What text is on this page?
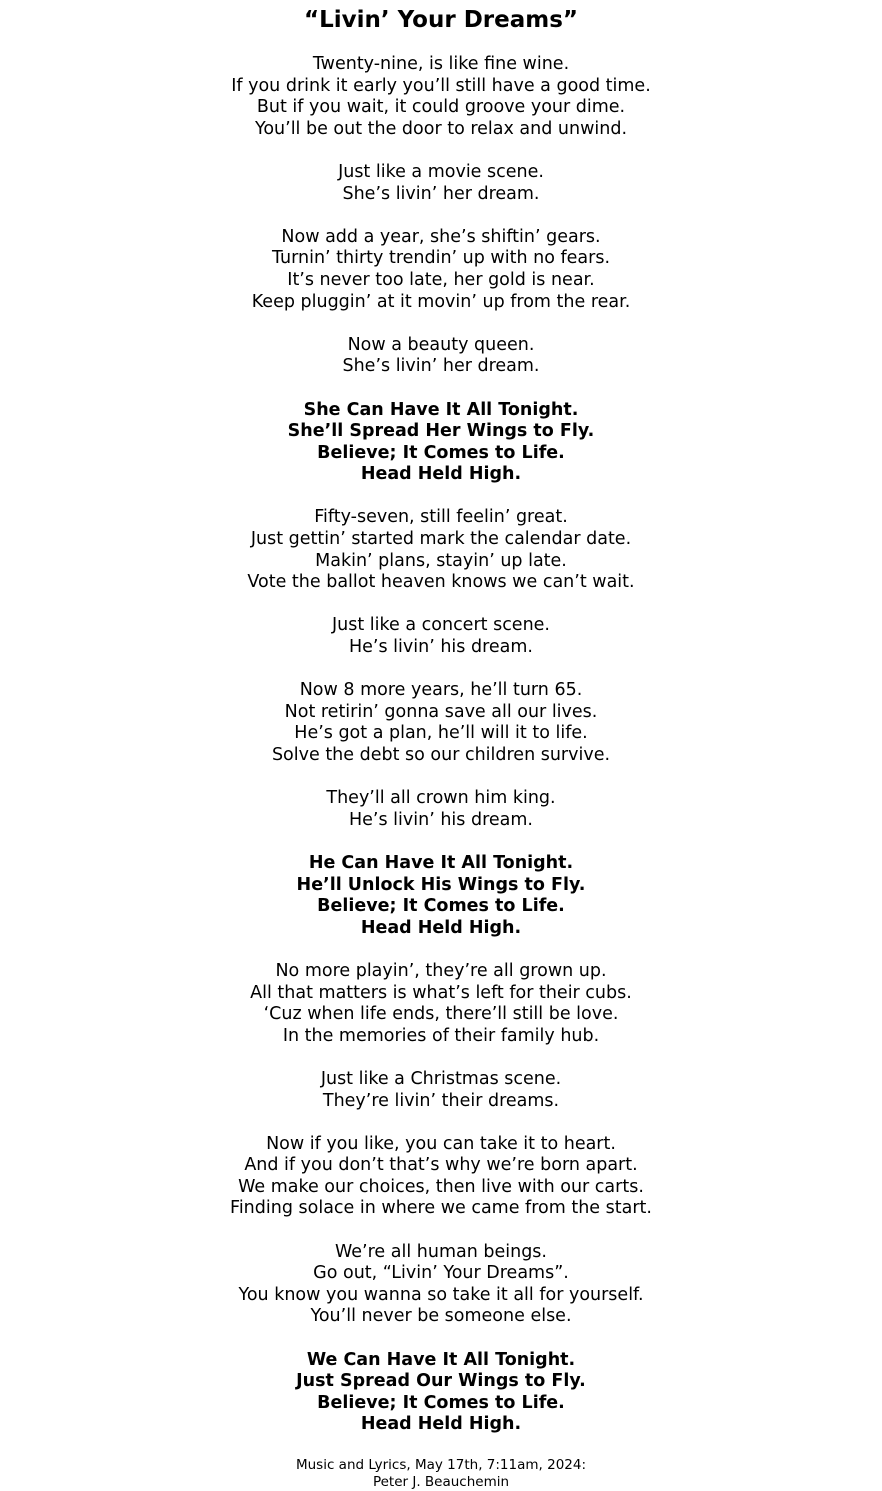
“Livin’ Your Dreams”
Twenty-nine, is like fine wine.
If you drink it early you’ll still have a good time.
But if you wait, it could groove your dime.
You’ll be out the door to relax and unwind.
Just like a movie scene.
She’s livin’ her dream.
Now add a year, she’s shiftin’ gears.
Turnin’ thirty trendin’ up with no fears.
It’s never too late, her gold is near.
Keep pluggin’ at it movin’ up from the rear.
Now a beauty queen.
She’s livin’ her dream.
She Can Have It All Tonight.
She’ll Spread Her Wings to Fly.
Believe; It Comes to Life.
Head Held High.
Fifty-seven, still feelin’ great.
Just gettin’ started mark the calendar date.
Makin’ plans, stayin’ up late.
Vote the ballot heaven knows we can’t wait.
Just like a concert scene.
He’s livin’ his dream.
Now 8 more years, he’ll turn 65.
Not retirin’ gonna save all our lives.
He’s got a plan, he’ll will it to life.
Solve the debt so our children survive.
They’ll all crown him king.
He’s livin’ his dream.
He Can Have It All Tonight.
He’ll Unlock His Wings to Fly.
Believe; It Comes to Life.
Head Held High.
No more playin’, they’re all grown up.
All that matters is what’s left for their cubs.
‘Cuz when life ends, there’ll still be love.
In the memories of their family hub.
Just like a Christmas scene.
They’re livin’ their dreams.
Now if you like, you can take it to heart.
And if you don’t that’s why we’re born apart.
We make our choices, then live with our carts.
Finding solace in where we came from the start.
We’re all human beings.
Go out, “Livin’ Your Dreams”.
You know you wanna so take it all for yourself.
You’ll never be someone else.
We Can Have It All Tonight.
Just Spread Our Wings to Fly.
Believe; It Comes to Life.
Head Held High.
Music and Lyrics, May 17th, 7:11am, 2024:
Peter J. Beauchemin
